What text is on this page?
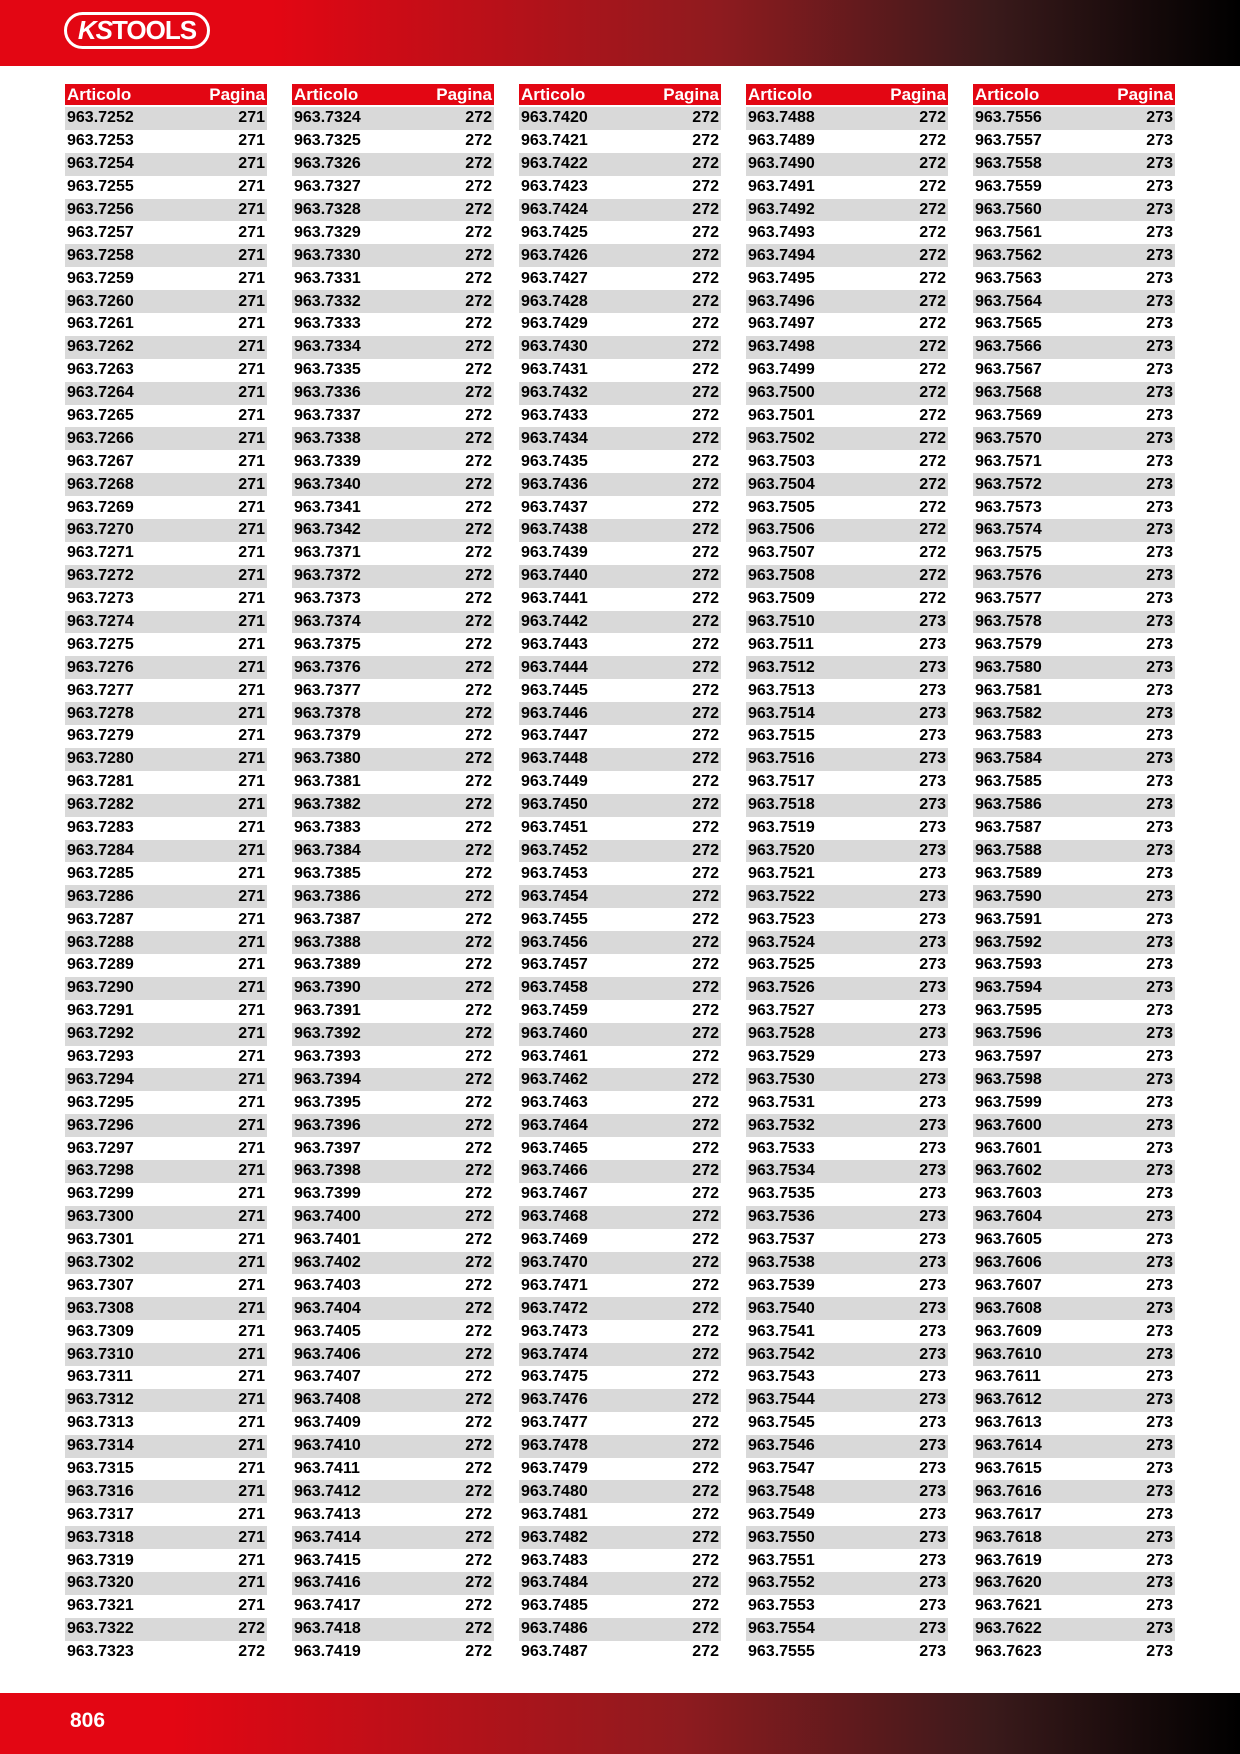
KSTOOLS
Articolo	Pagina
963.7252	271
963.7253	271
963.7254	271
963.7255	271
963.7256	271
963.7257	271
963.7258	271
963.7259	271
963.7260	271
963.7261	271
963.7262	271
963.7263	271
963.7264	271
963.7265	271
963.7266	271
963.7267	271
963.7268	271
963.7269	271
963.7270	271
963.7271	271
963.7272	271
963.7273	271
963.7274	271
963.7275	271
963.7276	271
963.7277	271
963.7278	271
963.7279	271
963.7280	271
963.7281	271
963.7282	271
963.7283	271
963.7284	271
963.7285	271
963.7286	271
963.7287	271
963.7288	271
963.7289	271
963.7290	271
963.7291	271
963.7292	271
963.7293	271
963.7294	271
963.7295	271
963.7296	271
963.7297	271
963.7298	271
963.7299	271
963.7300	271
963.7301	271
963.7302	271
963.7307	271
963.7308	271
963.7309	271
963.7310	271
963.7311	271
963.7312	271
963.7313	271
963.7314	271
963.7315	271
963.7316	271
963.7317	271
963.7318	271
963.7319	271
963.7320	271
963.7321	271
963.7322	272
963.7323	272
Articolo	Pagina
963.7324	272
963.7325	272
963.7326	272
963.7327	272
963.7328	272
963.7329	272
963.7330	272
963.7331	272
963.7332	272
963.7333	272
963.7334	272
963.7335	272
963.7336	272
963.7337	272
963.7338	272
963.7339	272
963.7340	272
963.7341	272
963.7342	272
963.7371	272
963.7372	272
963.7373	272
963.7374	272
963.7375	272
963.7376	272
963.7377	272
963.7378	272
963.7379	272
963.7380	272
963.7381	272
963.7382	272
963.7383	272
963.7384	272
963.7385	272
963.7386	272
963.7387	272
963.7388	272
963.7389	272
963.7390	272
963.7391	272
963.7392	272
963.7393	272
963.7394	272
963.7395	272
963.7396	272
963.7397	272
963.7398	272
963.7399	272
963.7400	272
963.7401	272
963.7402	272
963.7403	272
963.7404	272
963.7405	272
963.7406	272
963.7407	272
963.7408	272
963.7409	272
963.7410	272
963.7411	272
963.7412	272
963.7413	272
963.7414	272
963.7415	272
963.7416	272
963.7417	272
963.7418	272
963.7419	272
Articolo	Pagina
963.7420	272
963.7421	272
963.7422	272
963.7423	272
963.7424	272
963.7425	272
963.7426	272
963.7427	272
963.7428	272
963.7429	272
963.7430	272
963.7431	272
963.7432	272
963.7433	272
963.7434	272
963.7435	272
963.7436	272
963.7437	272
963.7438	272
963.7439	272
963.7440	272
963.7441	272
963.7442	272
963.7443	272
963.7444	272
963.7445	272
963.7446	272
963.7447	272
963.7448	272
963.7449	272
963.7450	272
963.7451	272
963.7452	272
963.7453	272
963.7454	272
963.7455	272
963.7456	272
963.7457	272
963.7458	272
963.7459	272
963.7460	272
963.7461	272
963.7462	272
963.7463	272
963.7464	272
963.7465	272
963.7466	272
963.7467	272
963.7468	272
963.7469	272
963.7470	272
963.7471	272
963.7472	272
963.7473	272
963.7474	272
963.7475	272
963.7476	272
963.7477	272
963.7478	272
963.7479	272
963.7480	272
963.7481	272
963.7482	272
963.7483	272
963.7484	272
963.7485	272
963.7486	272
963.7487	272
Articolo	Pagina
963.7488	272
963.7489	272
963.7490	272
963.7491	272
963.7492	272
963.7493	272
963.7494	272
963.7495	272
963.7496	272
963.7497	272
963.7498	272
963.7499	272
963.7500	272
963.7501	272
963.7502	272
963.7503	272
963.7504	272
963.7505	272
963.7506	272
963.7507	272
963.7508	272
963.7509	272
963.7510	273
963.7511	273
963.7512	273
963.7513	273
963.7514	273
963.7515	273
963.7516	273
963.7517	273
963.7518	273
963.7519	273
963.7520	273
963.7521	273
963.7522	273
963.7523	273
963.7524	273
963.7525	273
963.7526	273
963.7527	273
963.7528	273
963.7529	273
963.7530	273
963.7531	273
963.7532	273
963.7533	273
963.7534	273
963.7535	273
963.7536	273
963.7537	273
963.7538	273
963.7539	273
963.7540	273
963.7541	273
963.7542	273
963.7543	273
963.7544	273
963.7545	273
963.7546	273
963.7547	273
963.7548	273
963.7549	273
963.7550	273
963.7551	273
963.7552	273
963.7553	273
963.7554	273
963.7555	273
Articolo	Pagina
963.7556	273
963.7557	273
963.7558	273
963.7559	273
963.7560	273
963.7561	273
963.7562	273
963.7563	273
963.7564	273
963.7565	273
963.7566	273
963.7567	273
963.7568	273
963.7569	273
963.7570	273
963.7571	273
963.7572	273
963.7573	273
963.7574	273
963.7575	273
963.7576	273
963.7577	273
963.7578	273
963.7579	273
963.7580	273
963.7581	273
963.7582	273
963.7583	273
963.7584	273
963.7585	273
963.7586	273
963.7587	273
963.7588	273
963.7589	273
963.7590	273
963.7591	273
963.7592	273
963.7593	273
963.7594	273
963.7595	273
963.7596	273
963.7597	273
963.7598	273
963.7599	273
963.7600	273
963.7601	273
963.7602	273
963.7603	273
963.7604	273
963.7605	273
963.7606	273
963.7607	273
963.7608	273
963.7609	273
963.7610	273
963.7611	273
963.7612	273
963.7613	273
963.7614	273
963.7615	273
963.7616	273
963.7617	273
963.7618	273
963.7619	273
963.7620	273
963.7621	273
963.7622	273
963.7623	273
806
